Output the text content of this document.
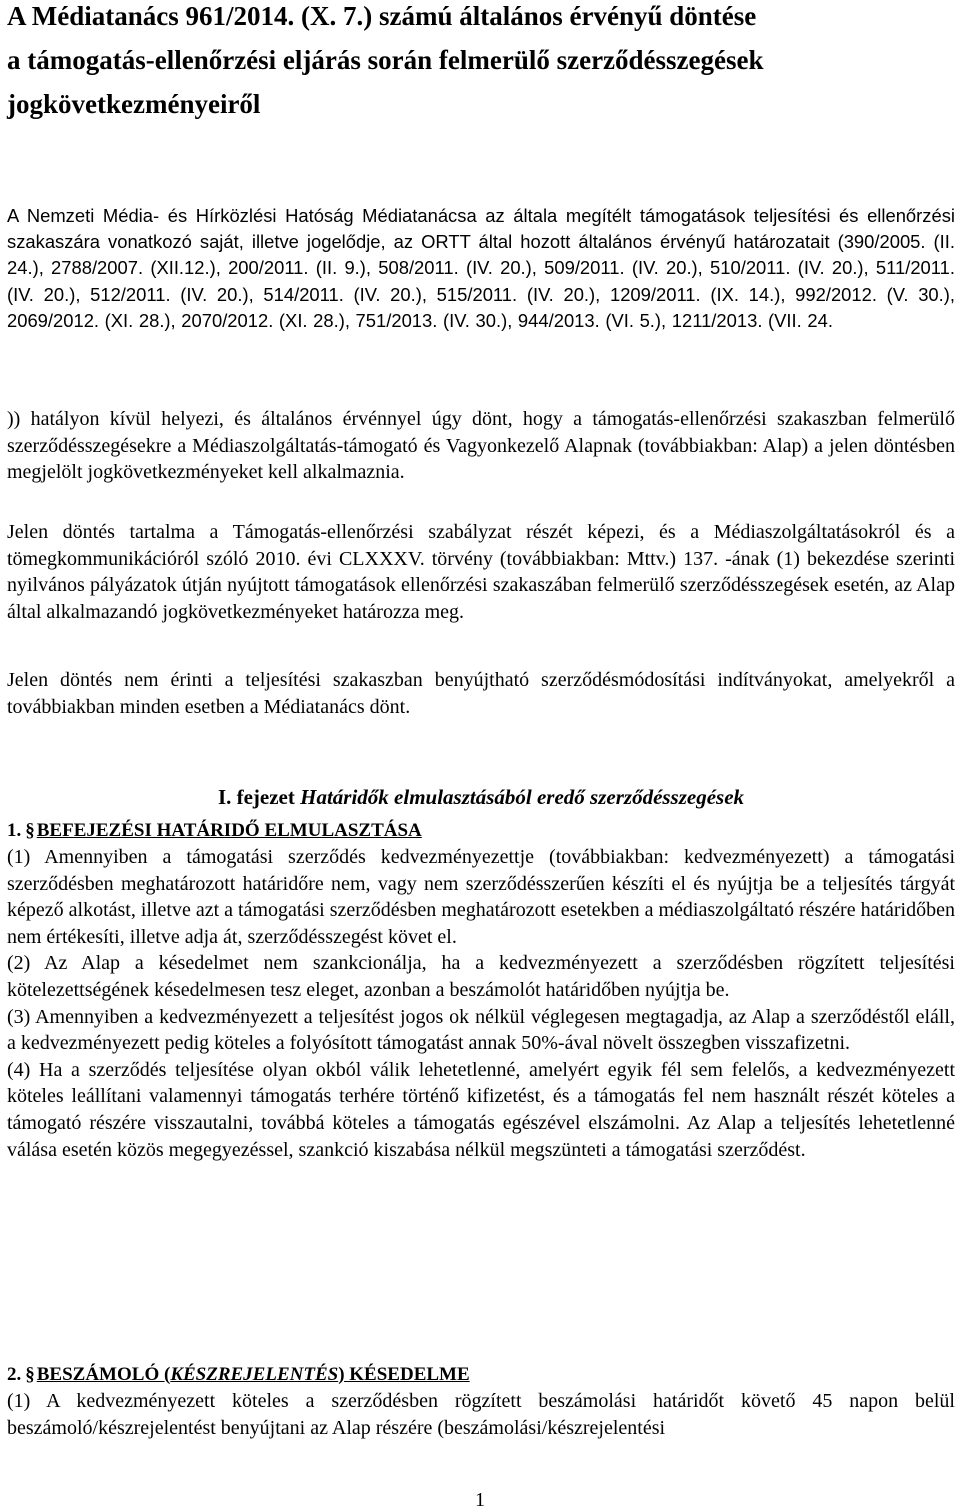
A Médiatanács 961/2014. (X. 7.) számú általános érvényű döntése

a támogatás-ellenőrzési eljárás során felmerülő szerződésszegések

jogkövetkezményeiről

A Nemzeti Média- és Hírközlési Hatóság Médiatanácsa az általa megítélt támogatások teljesítési és ellenőrzési szakaszára vonatkozó saját, illetve jogelődje, az ORTT által hozott általános érvényű határozatait (390/2005. (II. 24.), 2788/2007. (XII.12.), 200/2011. (II. 9.), 508/2011. (IV. 20.), 509/2011. (IV. 20.), 510/2011. (IV. 20.), 511/2011. (IV. 20.), 512/2011. (IV. 20.), 514/2011. (IV. 20.), 515/2011. (IV. 20.), 1209/2011. (IX. 14.), 992/2012. (V. 30.), 2069/2012. (XI. 28.), 2070/2012. (XI. 28.), 751/2013. (IV. 30.), 944/2013. (VI. 5.), 1211/2013. (VII. 24.

)) hatályon kívül helyezi, és általános érvénnyel úgy dönt, hogy a támogatás-ellenőrzési szakaszban felmerülő szerződésszegésekre a Médiaszolgáltatás-támogató és Vagyonkezelő Alapnak (továbbiakban: Alap) a jelen döntésben megjelölt jogkövetkezményeket kell alkalmaznia.

Jelen döntés tartalma a Támogatás-ellenőrzési szabályzat részét képezi, és a Médiaszolgáltatásokról és a tömegkommunikációról szóló 2010. évi CLXXXV. törvény (továbbiakban: Mttv.) 137. -ának (1) bekezdése szerinti nyilvános pályázatok útján nyújtott támogatások ellenőrzési szakaszában felmerülő szerződésszegések esetén, az Alap által alkalmazandó jogkövetkezményeket határozza meg.

Jelen döntés nem érinti a teljesítési szakaszban benyújtható szerződésmódosítási indítványokat, amelyekről a továbbiakban minden esetben a Médiatanács dönt.

I. fejezet Határidők elmulasztásából eredő szerződésszegések
1. § BEFEJEZÉSI HATÁRIDŐ ELMULASZTÁSA

(1) Amennyiben a támogatási szerződés kedvezményezettje (továbbiakban: kedvezményezett) a támogatási szerződésben meghatározott határidőre nem, vagy nem szerződésszerűen készíti el és nyújtja be a teljesítés tárgyát képező alkotást, illetve azt a támogatási szerződésben meghatározott esetekben a médiaszolgáltató részére határidőben nem értékesíti, illetve adja át, szerződésszegést követ el.

(2) Az Alap a késedelmet nem szankcionálja, ha a kedvezményezett a szerződésben rögzített teljesítési kötelezettségének késedelmesen tesz eleget, azonban a beszámolót határidőben nyújtja be.

(3) Amennyiben a kedvezményezett a teljesítést jogos ok nélkül véglegesen megtagadja, az Alap a szerződéstől eláll, a kedvezményezett pedig köteles a folyósított támogatást annak 50%-ával növelt összegben visszafizetni.

(4) Ha a szerződés teljesítése olyan okból válik lehetetlenné, amelyért egyik fél sem felelős, a kedvezményezett köteles leállítani valamennyi támogatás terhére történő kifizetést, és a támogatás fel nem használt részét köteles a támogató részére visszautalni, továbbá köteles a támogatás egészével elszámolni. Az Alap a teljesítés lehetetlenné válása esetén közös megegyezéssel, szankció kiszabása nélkül megszünteti a támogatási szerződést.

2. § BESZÁMOLÓ (KÉSZREJELENTÉS) KÉSEDELME

(1) A kedvezményezett köteles a szerződésben rögzített beszámolási határidőt követő 45 napon belül beszámoló/készrejelentést benyújtani az Alap részére (beszámolási/készrejelentési

1
